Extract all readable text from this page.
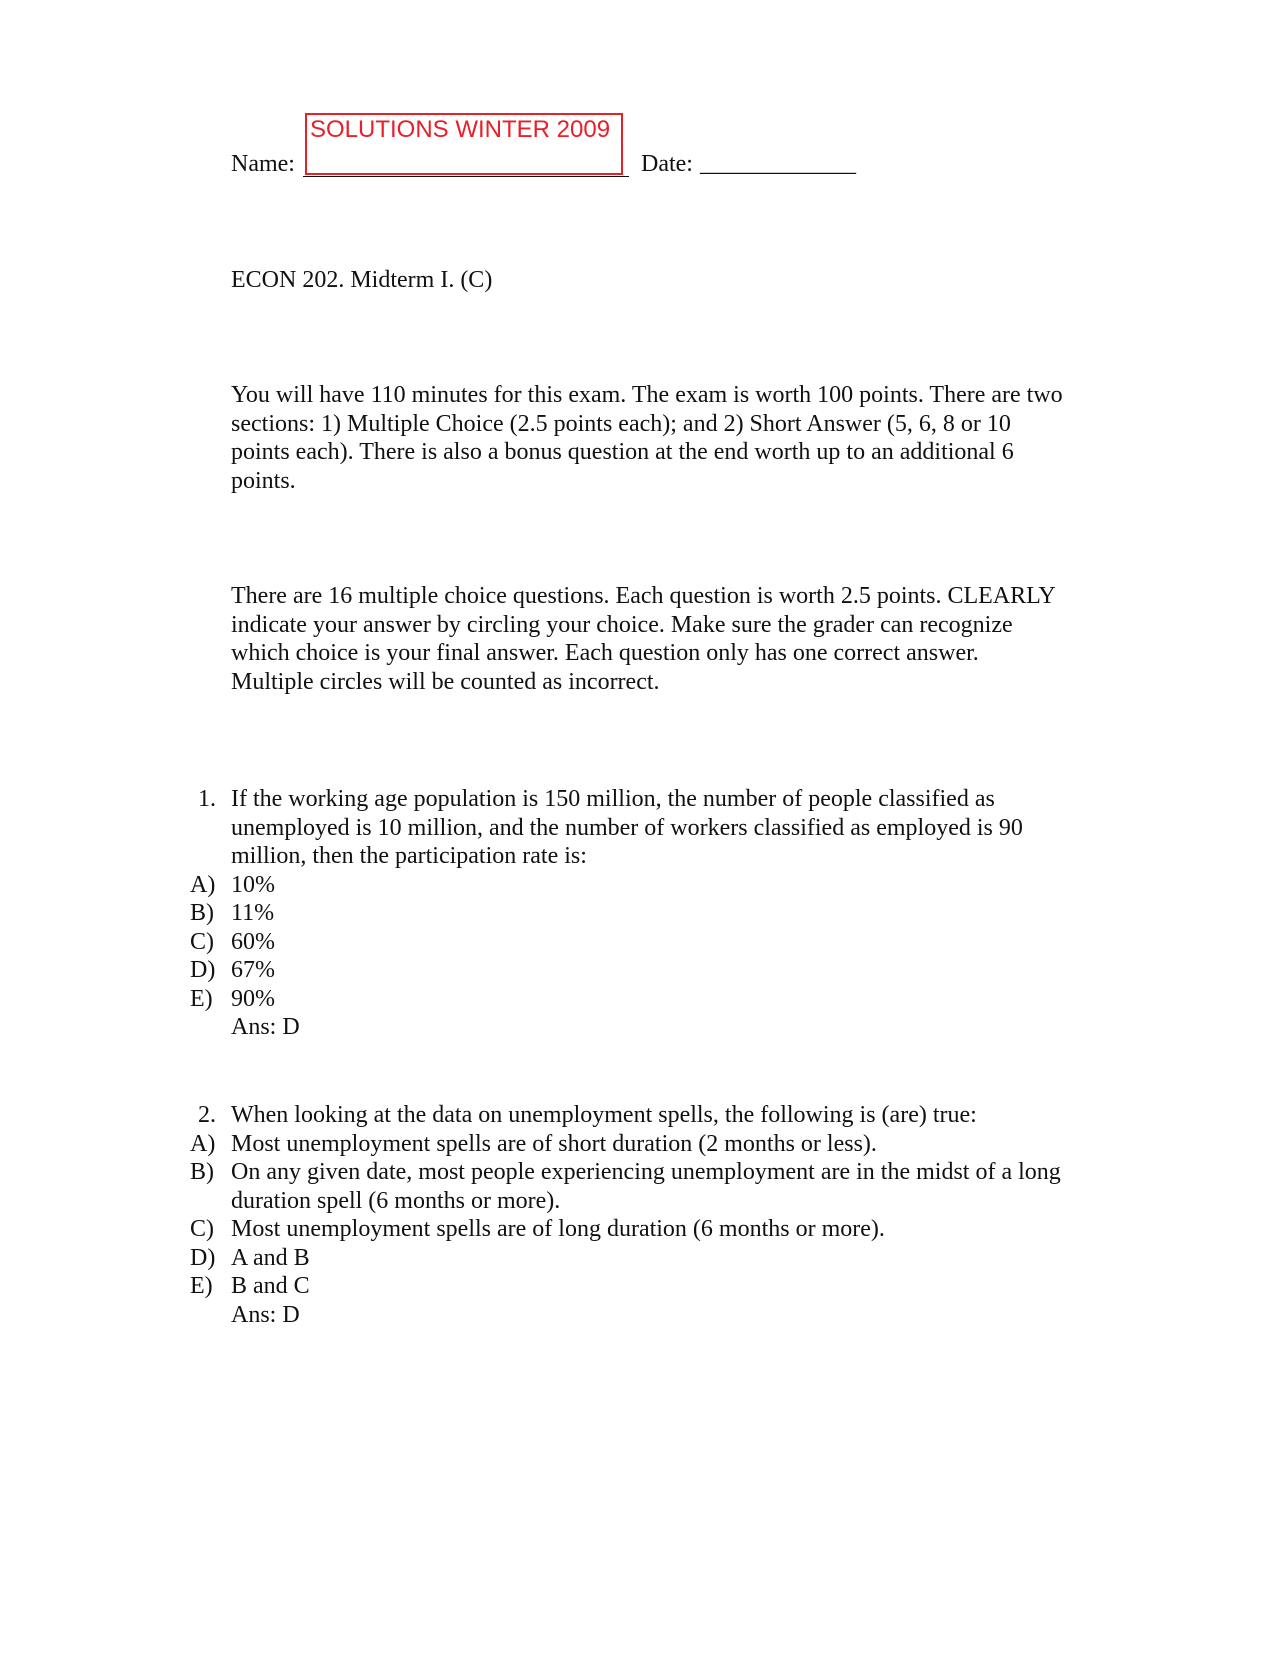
Name:
SOLUTIONS WINTER 2009
Date: _____________
ECON 202. Midterm I. (C)
You will have 110 minutes for this exam. The exam is worth 100 points. There are two
sections: 1) Multiple Choice (2.5 points each); and 2) Short Answer (5, 6, 8 or 10
points each). There is also a bonus question at the end worth up to an additional 6
points.
There are 16 multiple choice questions. Each question is worth 2.5 points. CLEARLY
indicate your answer by circling your choice. Make sure the grader can recognize
which choice is your final answer. Each question only has one correct answer.
Multiple circles will be counted as incorrect.
1. If the working age population is 150 million, the number of people classified as
unemployed is 10 million, and the number of workers classified as employed is 90
million, then the participation rate is:
A) 10%
B) 11%
C) 60%
D) 67%
E) 90%
Ans: D
2. When looking at the data on unemployment spells, the following is (are) true:
A) Most unemployment spells are of short duration (2 months or less).
B) On any given date, most people experiencing unemployment are in the midst of a long
duration spell (6 months or more).
C) Most unemployment spells are of long duration (6 months or more).
D) A and B
E) B and C
Ans: D
